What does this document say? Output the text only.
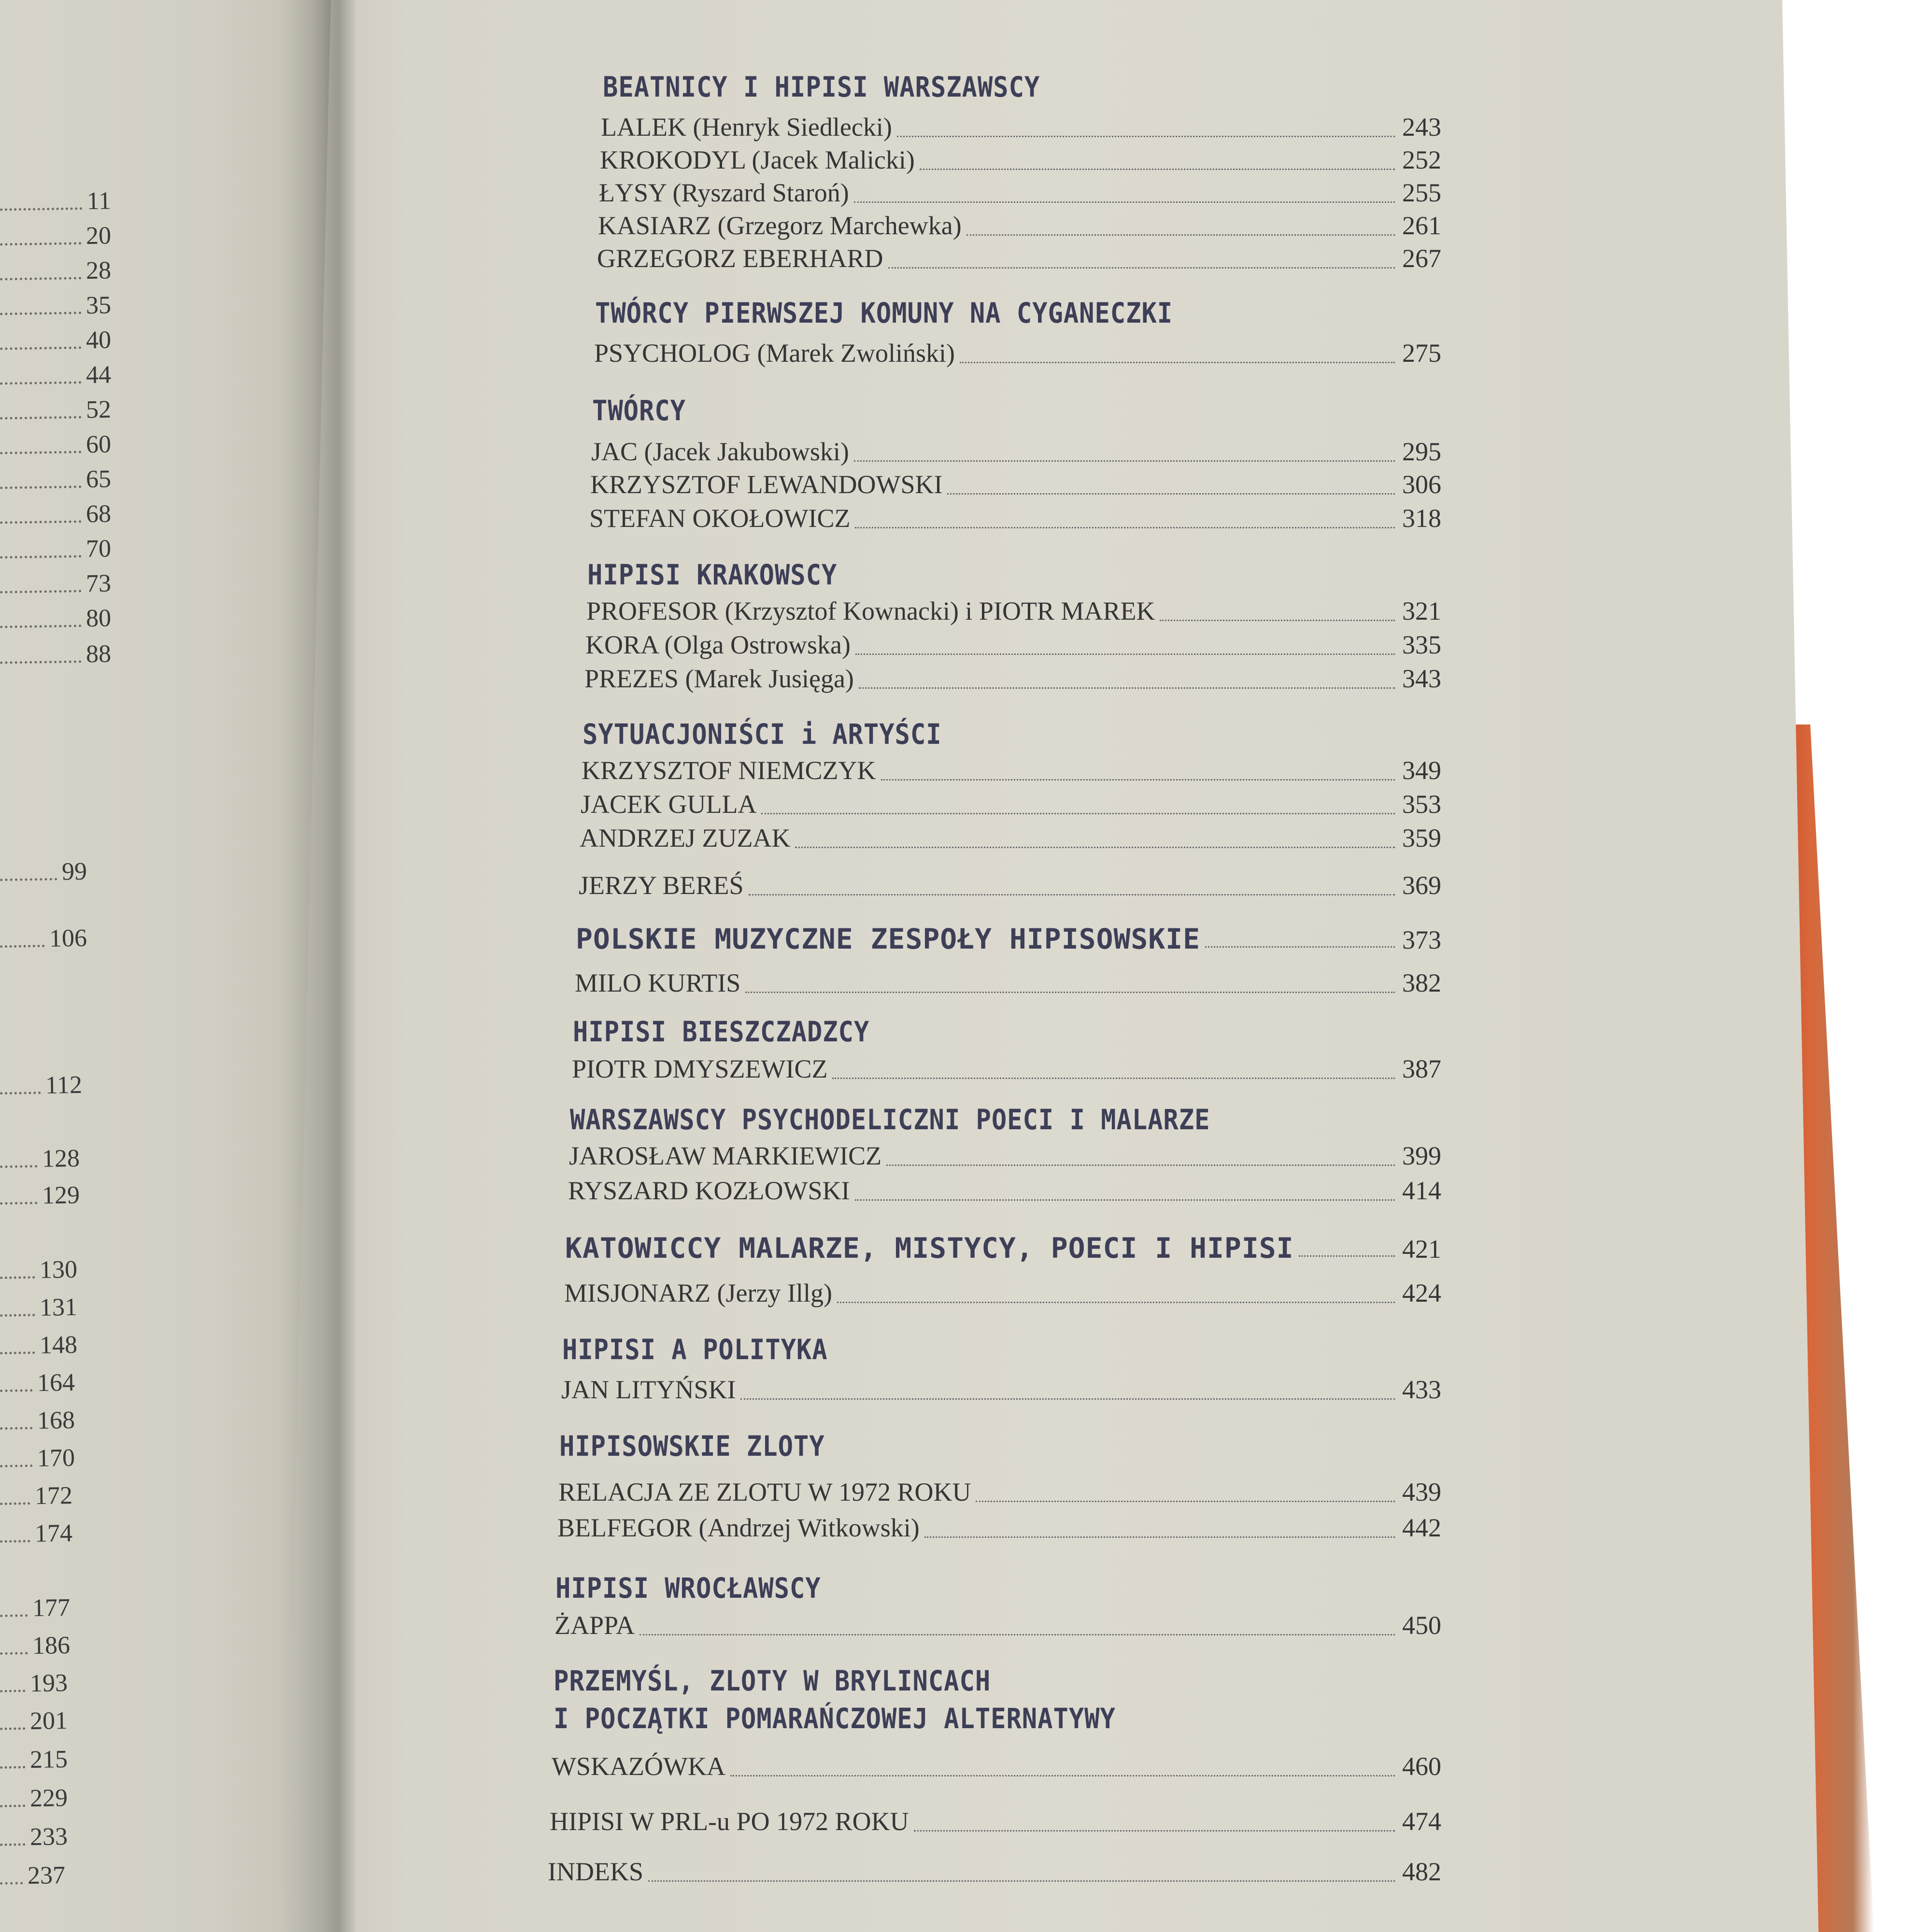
11
20
28
35
40
44
52
60
65
68
70
73
80
88
99
106
112
128
129
130
131
148
164
168
170
172
174
177
186
193
201
215
229
233
237
BEATNICY I HIPISI WARSZAWSCY
LALEK (Henryk Siedlecki)	243
KROKODYL (Jacek Malicki)	252
ŁYSY (Ryszard Staroń)	255
KASIARZ (Grzegorz Marchewka)	261
GRZEGORZ EBERHARD	267
TWÓRCY PIERWSZEJ KOMUNY NA CYGANECZKI
PSYCHOLOG (Marek Zwoliński)	275
TWÓRCY
JAC (Jacek Jakubowski)	295
KRZYSZTOF LEWANDOWSKI	306
STEFAN OKOŁOWICZ	318
HIPISI KRAKOWSCY
PROFESOR (Krzysztof Kownacki) i PIOTR MAREK	321
KORA (Olga Ostrowska)	335
PREZES (Marek Jusięga)	343
SYTUACJONIŚCI i ARTYŚCI
KRZYSZTOF NIEMCZYK	349
JACEK GULLA	353
ANDRZEJ ZUZAK	359
JERZY BEREŚ	369
POLSKIE MUZYCZNE ZESPOŁY HIPISOWSKIE	373
MILO KURTIS	382
HIPISI BIESZCZADZCY
PIOTR DMYSZEWICZ	387
WARSZAWSCY PSYCHODELICZNI POECI I MALARZE
JAROSŁAW MARKIEWICZ	399
RYSZARD KOZŁOWSKI	414
KATOWICCY MALARZE, MISTYCY, POECI I HIPISI	421
MISJONARZ (Jerzy Illg)	424
HIPISI A POLITYKA
JAN LITYŃSKI	433
HIPISOWSKIE ZLOTY
RELACJA ZE ZLOTU W 1972 ROKU	439
BELFEGOR (Andrzej Witkowski)	442
HIPISI WROCŁAWSCY
ŻAPPA	450
PRZEMYŚL, ZLOTY W BRYLINCACH
I POCZĄTKI POMARAŃCZOWEJ ALTERNATYWY
WSKAZÓWKA	460
HIPISI W PRL-u PO 1972 ROKU	474
INDEKS	482
